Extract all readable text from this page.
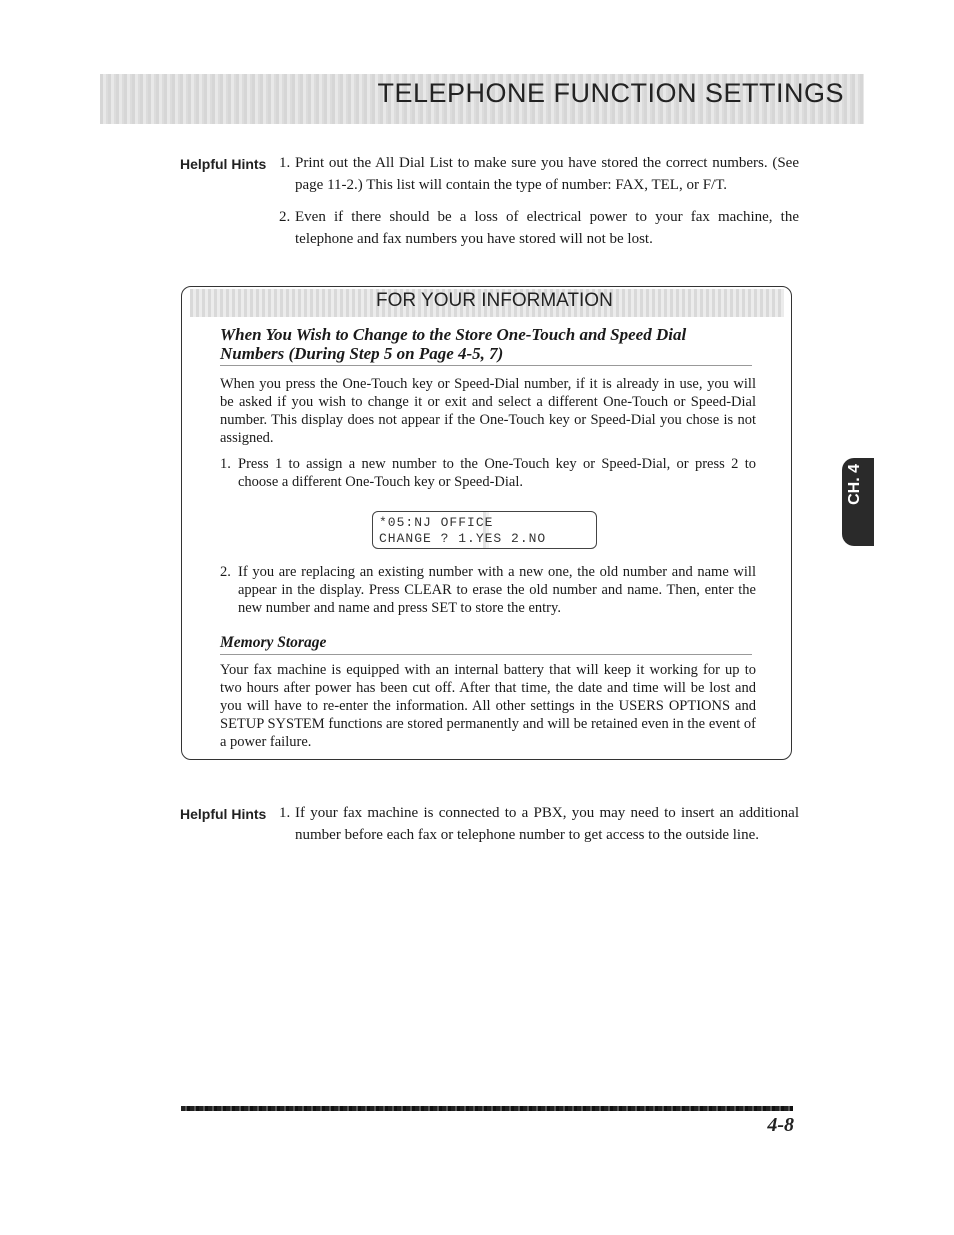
TELEPHONE FUNCTION SETTINGS
Helpful Hints 1. Print out the All Dial List to make sure you have stored the correct numbers. (See page 11-2.) This list will contain the type of number: FAX, TEL, or F/T.
2. Even if there should be a loss of electrical power to your fax machine, the telephone and fax numbers you have stored will not be lost.
FOR YOUR INFORMATION
When You Wish to Change to the Store One-Touch and Speed Dial Numbers (During Step 5 on Page 4-5, 7)
When you press the One-Touch key or Speed-Dial number, if it is already in use, you will be asked if you wish to change it or exit and select a different One-Touch or Speed-Dial number. This display does not appear if the One-Touch key or Speed-Dial you chose is not assigned.
1. Press 1 to assign a new number to the One-Touch key or Speed-Dial, or press 2 to choose a different One-Touch key or Speed-Dial.
*05:NJ OFFICE
CHANGE ? 1.YES 2.NO
2. If you are replacing an existing number with a new one, the old number and name will appear in the display. Press CLEAR to erase the old number and name. Then, enter the new number and name and press SET to store the entry.
Memory Storage
Your fax machine is equipped with an internal battery that will keep it working for up to two hours after power has been cut off. After that time, the date and time will be lost and you will have to re-enter the information. All other settings in the USERS OPTIONS and SETUP SYSTEM functions are stored permanently and will be retained even in the event of a power failure.
Helpful Hints 1. If your fax machine is connected to a PBX, you may need to insert an additional number before each fax or telephone number to get access to the outside line.
CH. 4
4-8
